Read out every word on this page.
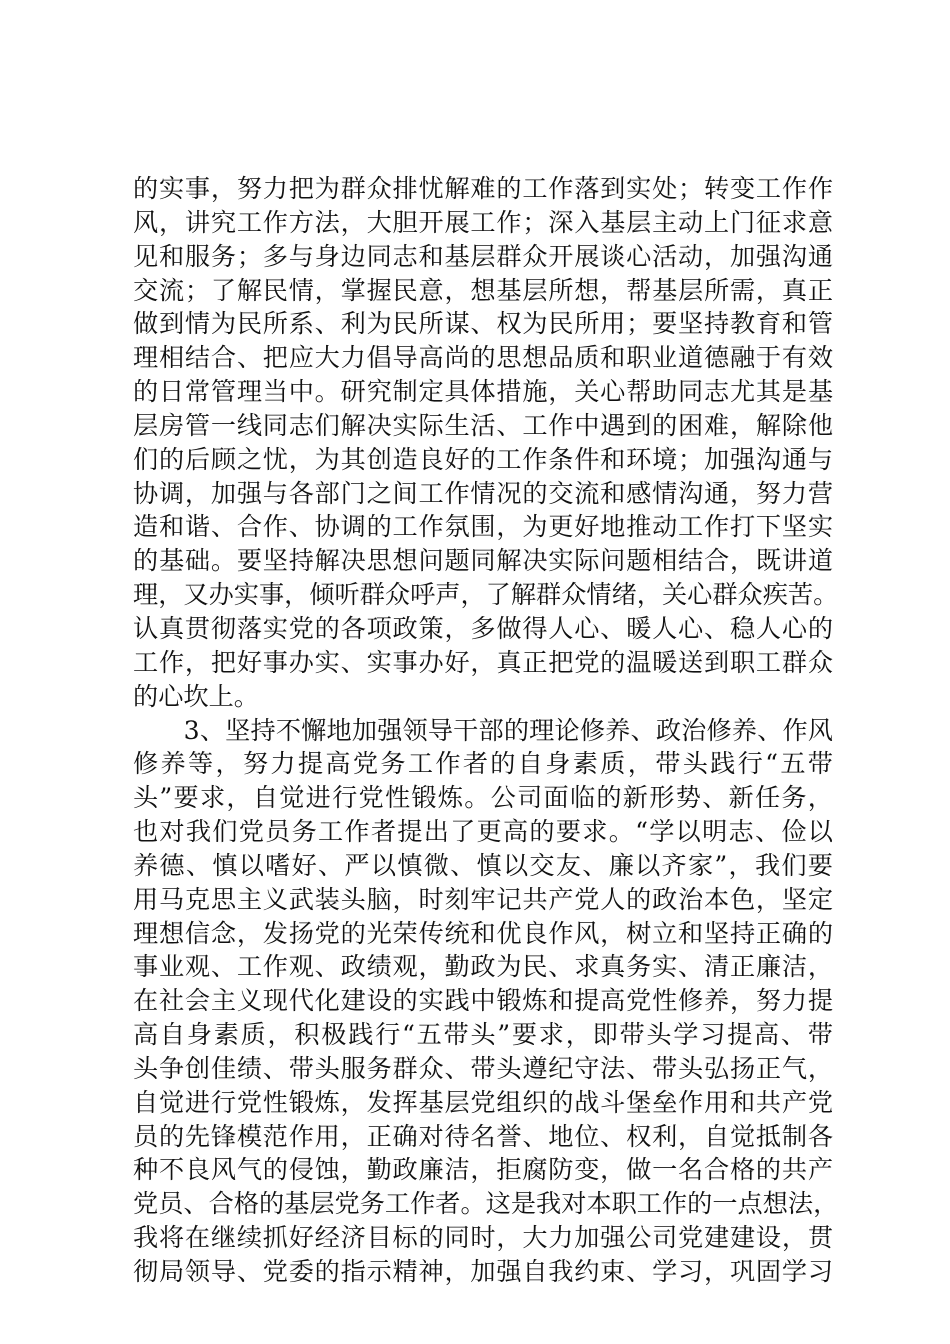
的实事，努力把为群众排忧解难的工作落到实处；转变工作作
风，讲究工作方法，大胆开展工作；深入基层主动上门征求意
见和服务；多与身边同志和基层群众开展谈心活动，加强沟通
交流；了解民情，掌握民意，想基层所想，帮基层所需，真正
做到情为民所系、利为民所谋、权为民所用；要坚持教育和管
理相结合、把应大力倡导高尚的思想品质和职业道德融于有效
的日常管理当中。研究制定具体措施，关心帮助同志尤其是基
层房管一线同志们解决实际生活、工作中遇到的困难，解除他
们的后顾之忧，为其创造良好的工作条件和环境；加强沟通与
协调，加强与各部门之间工作情况的交流和感情沟通，努力营
造和谐、合作、协调的工作氛围，为更好地推动工作打下坚实
的基础。要坚持解决思想问题同解决实际问题相结合，既讲道
理，又办实事，倾听群众呼声，了解群众情绪，关心群众疾苦。
认真贯彻落实党的各项政策，多做得人心、暖人心、稳人心的
工作，把好事办实、实事办好，真正把党的温暖送到职工群众
的心坎上。

　　3、坚持不懈地加强领导干部的理论修养、政治修养、作风
修养等，努力提高党务工作者的自身素质，带头践行“五带
头”要求，自觉进行党性锻炼。公司面临的新形势、新任务，
也对我们党员务工作者提出了更高的要求。“学以明志、俭以
养德、慎以嗜好、严以慎微、慎以交友、廉以齐家”，我们要
用马克思主义武装头脑，时刻牢记共产党人的政治本色，坚定
理想信念，发扬党的光荣传统和优良作风，树立和坚持正确的
事业观、工作观、政绩观，勤政为民、求真务实、清正廉洁，
在社会主义现代化建设的实践中锻炼和提高党性修养，努力提
高自身素质，积极践行“五带头”要求，即带头学习提高、带
头争创佳绩、带头服务群众、带头遵纪守法、带头弘扬正气，
自觉进行党性锻炼，发挥基层党组织的战斗堡垒作用和共产党
员的先锋模范作用，正确对待名誉、地位、权利，自觉抵制各
种不良风气的侵蚀，勤政廉洁，拒腐防变，做一名合格的共产
党员、合格的基层党务工作者。这是我对本职工作的一点想法，
我将在继续抓好经济目标的同时，大力加强公司党建建设，贯
彻局领导、党委的指示精神，加强自我约束、学习，巩固学习
